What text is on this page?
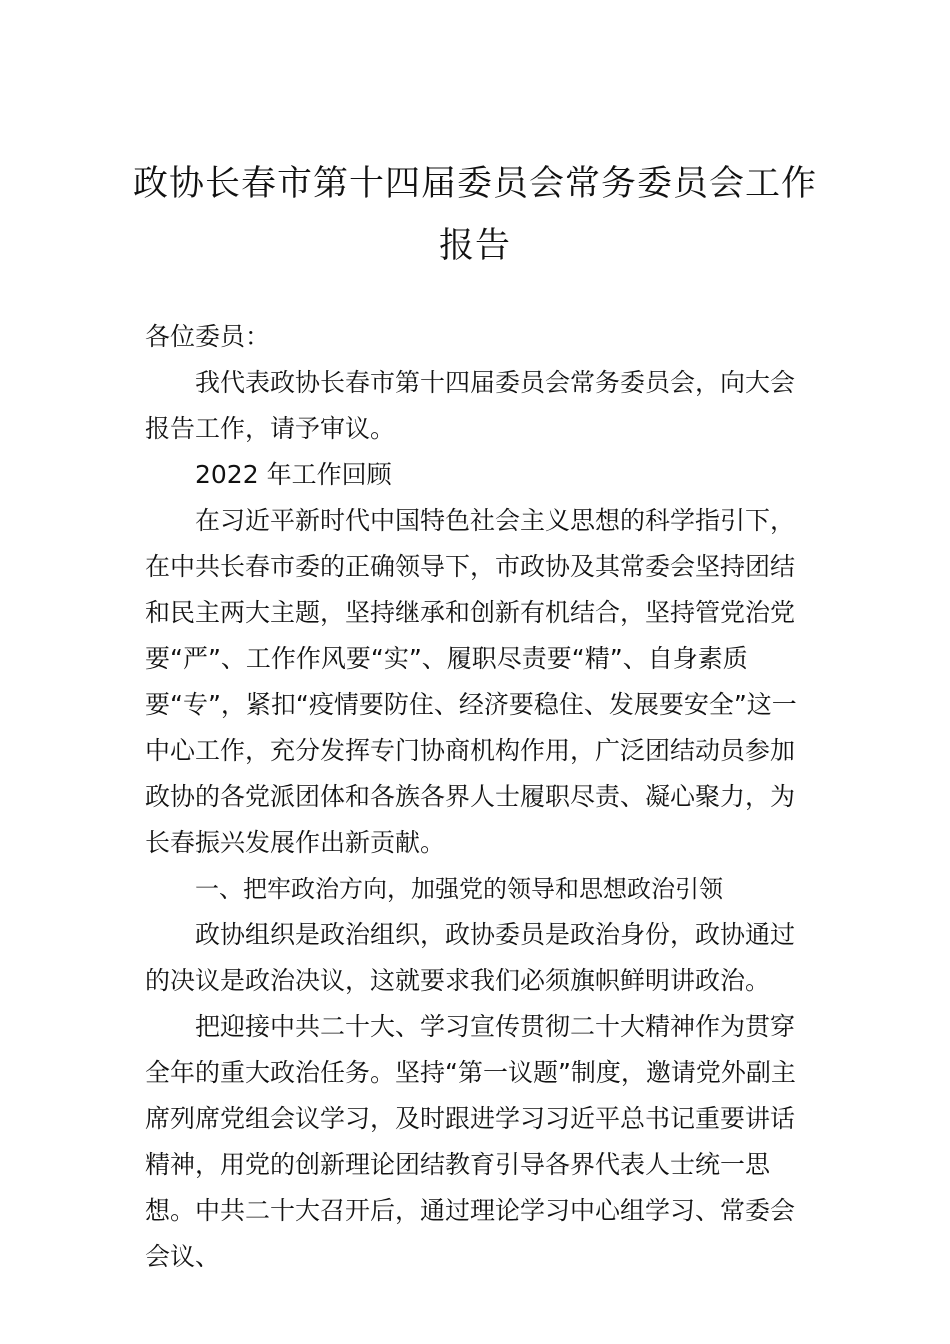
政协长春市第十四届委员会常务委员会工作报告

各位委员：

我代表政协长春市第十四届委员会常务委员会，向大会报告工作，请予审议。

2022 年工作回顾

在习近平新时代中国特色社会主义思想的科学指引下，在中共长春市委的正确领导下，市政协及其常委会坚持团结和民主两大主题，坚持继承和创新有机结合，坚持管党治党要“严”、工作作风要“实”、履职尽责要“精”、自身素质要“专”，紧扣“疫情要防住、经济要稳住、发展要安全”这一中心工作，充分发挥专门协商机构作用，广泛团结动员参加政协的各党派团体和各族各界人士履职尽责、凝心聚力，为长春振兴发展作出新贡献。

一、把牢政治方向，加强党的领导和思想政治引领

政协组织是政治组织，政协委员是政治身份，政协通过的决议是政治决议，这就要求我们必须旗帜鲜明讲政治。

把迎接中共二十大、学习宣传贯彻二十大精神作为贯穿全年的重大政治任务。坚持“第一议题”制度，邀请党外副主席列席党组会议学习，及时跟进学习习近平总书记重要讲话精神，用党的创新理论团结教育引导各界代表人士统一思想。中共二十大召开后，通过理论学习中心组学习、常委会会议、
